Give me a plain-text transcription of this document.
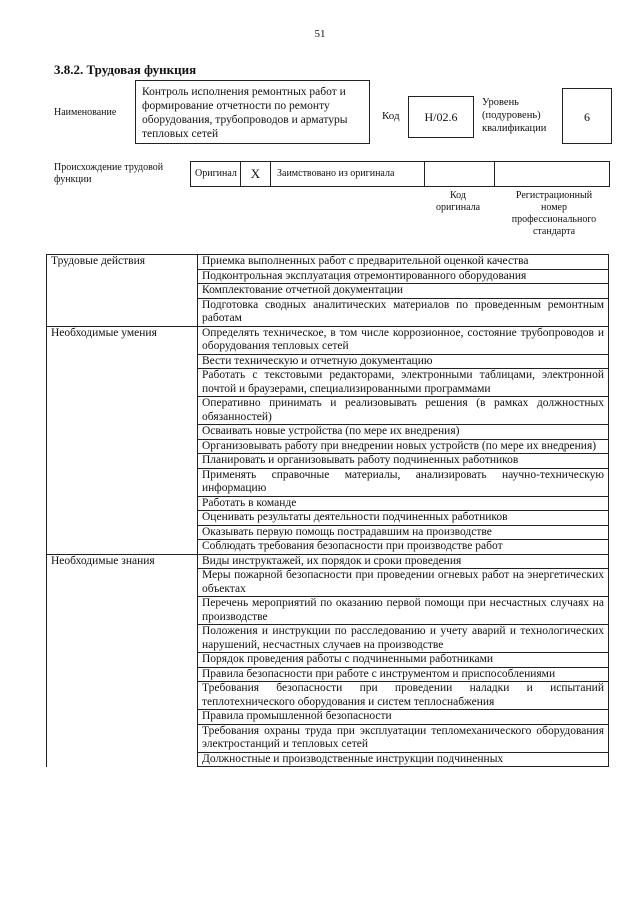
51
3.8.2. Трудовая функция
Наименование
Контроль исполнения ремонтных работ и формирование отчетности по ремонту оборудования, трубопроводов и арматуры тепловых сетей
Код	Н/02.6
Уровень (подуровень) квалификации
6
Происхождение трудовой функции
Оригинал	X	Заимствовано из оригинала
Код оригинала
Регистрационный номер профессионального стандарта
Трудовые действия	Приемка выполненных работ с предварительной оценкой качества
	Подконтрольная эксплуатация отремонтированного оборудования
	Комплектование отчетной документации
	Подготовка сводных аналитических материалов по проведенным ремонтным работам
Необходимые умения	Определять техническое, в том числе коррозионное, состояние трубопроводов и оборудования тепловых сетей
	Вести техническую и отчетную документацию
	Работать с текстовыми редакторами, электронными таблицами, электронной почтой и браузерами, специализированными программами
	Оперативно принимать и реализовывать решения (в рамках должностных обязанностей)
	Осваивать новые устройства (по мере их внедрения)
	Организовывать работу при внедрении новых устройств (по мере их внедрения)
	Планировать и организовывать работу подчиненных работников
	Применять справочные материалы, анализировать научно-техническую информацию
	Работать в команде
	Оценивать результаты деятельности подчиненных работников
	Оказывать первую помощь пострадавшим на производстве
	Соблюдать требования безопасности при производстве работ
Необходимые знания	Виды инструктажей, их порядок и сроки проведения
	Меры пожарной безопасности при проведении огневых работ на энергетических объектах
	Перечень мероприятий по оказанию первой помощи при несчастных случаях на производстве
	Положения и инструкции по расследованию и учету аварий и технологических нарушений, несчастных случаев на производстве
	Порядок проведения работы с подчиненными работниками
	Правила безопасности при работе с инструментом и приспособлениями
	Требования безопасности при проведении наладки и испытаний теплотехнического оборудования и систем теплоснабжения
	Правила промышленной безопасности
	Требования охраны труда при эксплуатации тепломеханического оборудования электростанций и тепловых сетей
	Должностные и производственные инструкции подчиненных
